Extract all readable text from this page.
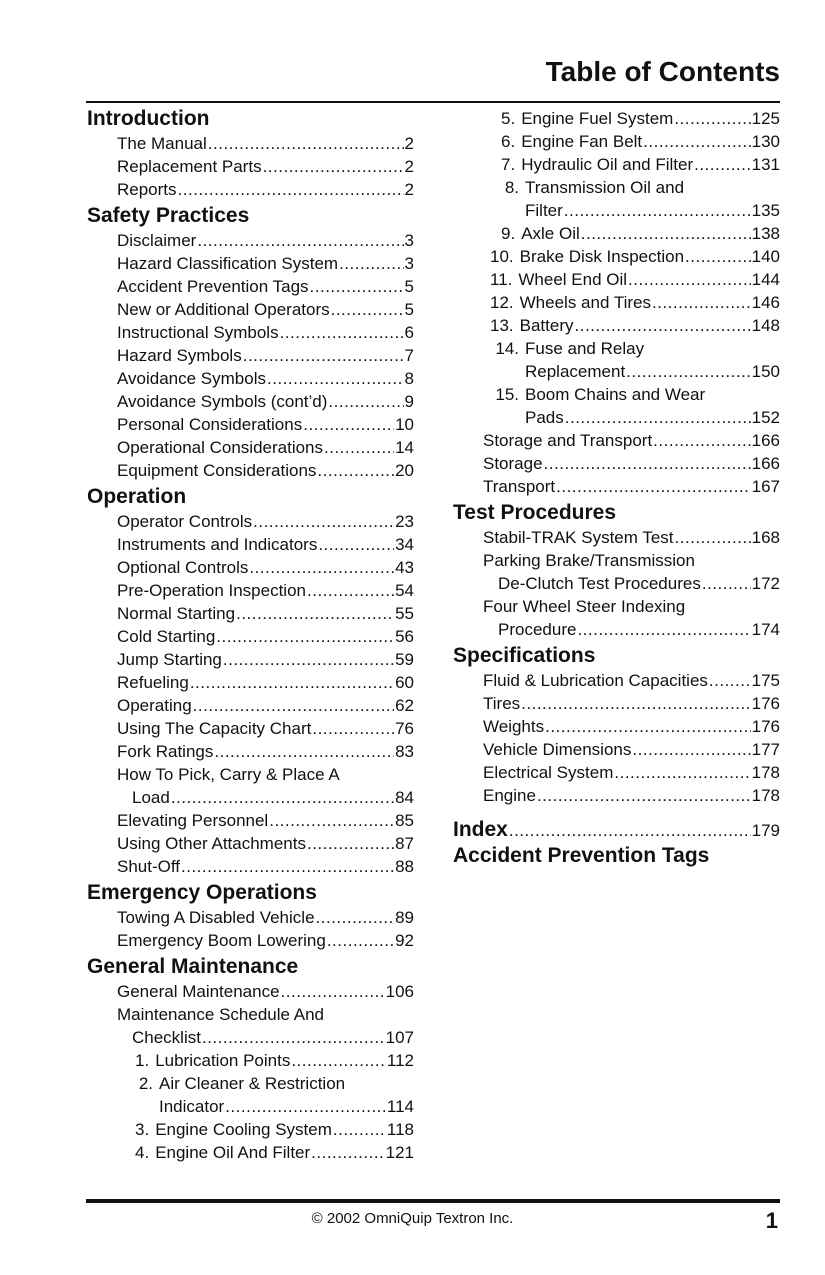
Table of Contents
Introduction
The Manual .....	2
Replacement Parts .....	2
Reports .....	2
Safety Practices
Disclaimer .....	3
Hazard Classification System .....	3
Accident Prevention Tags .....	5
New or Additional Operators .....	5
Instructional Symbols .....	6
Hazard Symbols .....	7
Avoidance Symbols .....	8
Avoidance Symbols (cont’d) .....	9
Personal Considerations .....	10
Operational Considerations .....	14
Equipment Considerations .....	20
Operation
Operator Controls .....	23
Instruments and Indicators .....	34
Optional Controls .....	43
Pre-Operation Inspection .....	54
Normal Starting .....	55
Cold Starting .....	56
Jump Starting .....	59
Refueling .....	60
Operating .....	62
Using The Capacity Chart .....	76
Fork Ratings .....	83
How To Pick, Carry & Place A
Load .....	84
Elevating Personnel .....	85
Using Other Attachments .....	87
Shut-Off .....	88
Emergency Operations
Towing A Disabled Vehicle .....	89
Emergency Boom Lowering .....	92
General Maintenance
General Maintenance .....	106
Maintenance Schedule And
Checklist .....	107
1. Lubrication Points .....	112
2. Air Cleaner & Restriction
Indicator .....	114
3. Engine Cooling System .....	118
4. Engine Oil And Filter .....	121
5. Engine Fuel System .....	125
6. Engine Fan Belt .....	130
7. Hydraulic Oil and Filter .....	131
8. Transmission Oil and
Filter .....	135
9. Axle Oil .....	138
10. Brake Disk Inspection .....	140
11. Wheel End Oil .....	144
12. Wheels and Tires .....	146
13. Battery .....	148
14. Fuse and Relay
Replacement .....	150
15. Boom Chains and Wear
Pads .....	152
Storage and Transport .....	166
Storage .....	166
Transport .....	167
Test Procedures
Stabil-TRAK System Test .....	168
Parking Brake/Transmission
De-Clutch Test Procedures .....	172
Four Wheel Steer Indexing
Procedure .....	174
Specifications
Fluid & Lubrication Capacities .....	175
Tires .....	176
Weights .....	176
Vehicle Dimensions .....	177
Electrical System .....	178
Engine .....	178
Index .....	179
Accident Prevention Tags
© 2002 OmniQuip Textron Inc.	1
